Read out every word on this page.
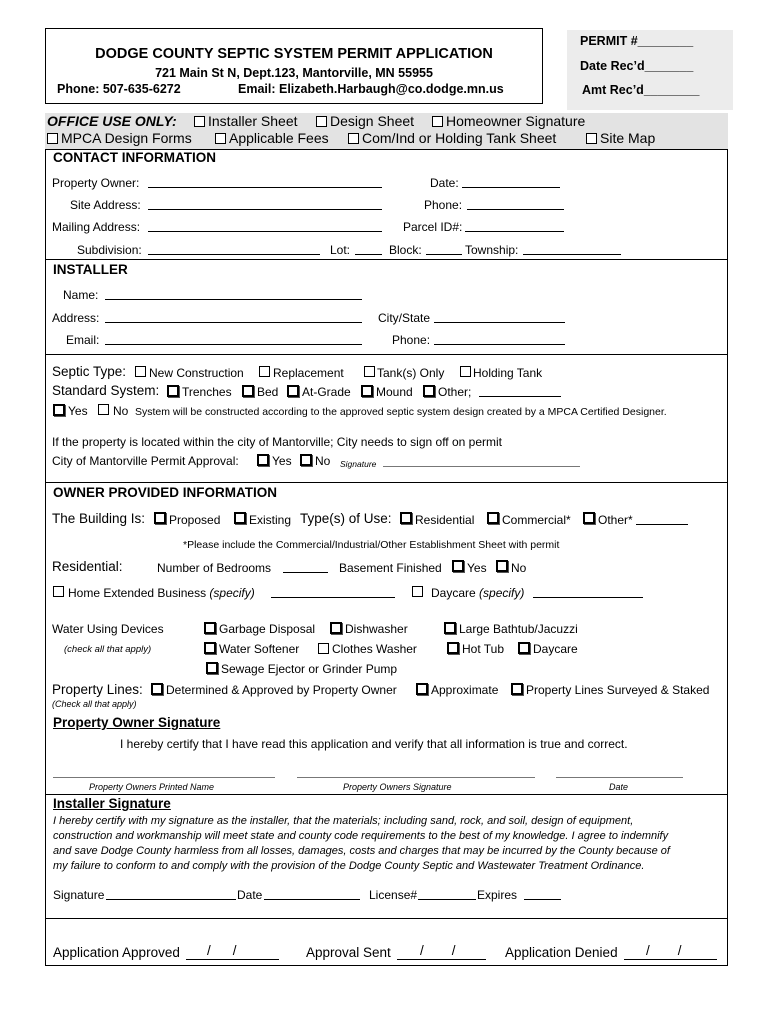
DODGE COUNTY SEPTIC SYSTEM PERMIT APPLICATION
721 Main St N, Dept.123, Mantorville, MN 55955
Phone: 507-635-6272	Email: Elizabeth.Harbaugh@co.dodge.mn.us
PERMIT #________
Date Rec’d_______
Amt Rec’d________
OFFICE USE ONLY: Installer Sheet Design Sheet Homeowner Signature
MPCA Design Forms	Applicable Fees Com/Ind or Holding Tank Sheet	Site Map
CONTACT INFORMATION
Property Owner:	Date:
Site Address:	Phone:
Mailing Address:	Parcel ID#:
Subdivision:	Lot:	Block:	Township:
INSTALLER
Name:
Address:	City/State
Email:	Phone:
Septic Type: New Construction Replacement	Tank(s) Only Holding Tank
Standard System: Trenches Bed At-Grade Mound Other;
Yes No System will be constructed according to the approved septic system design created by a MPCA Certified Designer.
If the property is located within the city of Mantorville; City needs to sign off on permit
City of Mantorville Permit Approval:	Yes No Signature
OWNER PROVIDED INFORMATION
The Building Is: Proposed Existing Type(s) of Use: Residential Commercial* Other*
*Please include the Commercial/Industrial/Other Establishment Sheet with permit
Residential:	Number of Bedrooms	Basement Finished Yes No
Home Extended Business (specify)	Daycare (specify)
Water Using Devices
(check all that apply)
Garbage Disposal Dishwasher	Large Bathtub/Jacuzzi
Water Softener	Clothes Washer	Hot Tub Daycare
Sewage Ejector or Grinder Pump
Property Lines: Determined & Approved by Property Owner	Approximate Property Lines Surveyed & Staked
(Check all that apply)
Property Owner Signature
I hereby certify that I have read this application and verify that all information is true and correct.
Property Owners Printed Name	Property Owners Signature	Date
Installer Signature
I hereby certify with my signature as the installer, that the materials; including sand, rock, and soil, design of equipment,
construction and workmanship will meet state and county code requirements to the best of my knowledge. I agree to indemnify
and save Dodge County harmless from all losses, damages, costs and charges that may be incurred by the County because of
my failure to conform to and comply with the provision of the Dodge County Septic and Wastewater Treatment Ordinance.
Signature	Date	License#	Expires
Application Approved / /	Approval Sent / /	Application Denied / /
